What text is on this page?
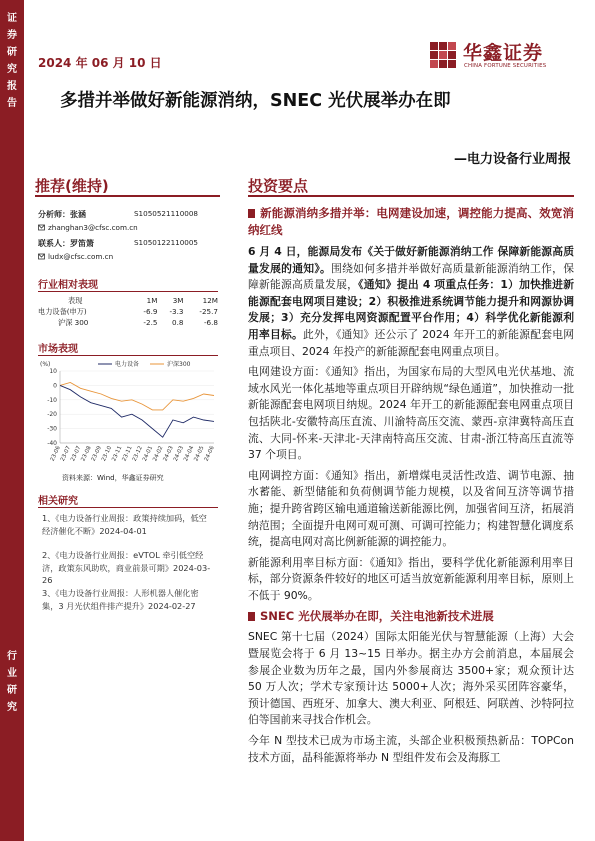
证
券
研
究
报
告
行
业
研
究
2024 年 06 月 10 日	华鑫证券
CHINA FORTUNE SECURITIES
多措并举做好新能源消纳，SNEC 光伏展举办在即
—电力设备行业周报
推荐(维持)	投资要点
分析师：张涵	S1050521110008
zhanghan3@cfsc.com.cn
联系人：罗笛箫	S1050122110005
ludx@cfsc.com.cn
行业相对表现
表现	1M	3M	12M
电力设备(申万)	-6.9	-3.3	-25.7
沪深 300	-2.5	0.8	-6.8
市场表现
相关研究
(%)
10
0
-10
-20
-30
-40
23-06
23-07
23-07
23-08
23-09
23-10
23-11
23-11
23-12
24-01
24-02
24-03
24-03
24-04
24-05
24-06
电力设备	沪深300
资料来源：Wind，华鑫证券研究
1、《电力设备行业周报：政策持续加码，低空经济催化不断》2024-04-01
2、《电力设备行业周报：eVTOL 牵引低空经济，政策东风助吹，商业前景可期》2024-03-26
3、《电力设备行业周报：人形机器人催化密集，3 月光伏组件排产提升》2024-02-27
新能源消纳多措并举：电网建设加速，调控能力提高、效宽消纳红线

6 月 4 日，能源局发布《关于做好新能源消纳工作 保障新能源高质量发展的通知》。围绕如何多措并举做好高质量新能源消纳工作，保障新能源高质量发展，《通知》提出 4 项重点任务：1）加快推进新能源配套电网项目建设；2）积极推进系统调节能力提升和网源协调发展；3）充分发挥电网资源配置平台作用；4）科学优化新能源利用率目标。此外，《通知》还公示了 2024 年开工的新能源配套电网重点项目、2024 年投产的新能源配套电网重点项目。

电网建设方面：《通知》指出，为国家布局的大型风电光伏基地、流域水风光一体化基地等重点项目开辟纳规“绿色通道”，加快推动一批新能源配套电网项目纳规。2024 年开工的新能源配套电网重点项目包括陕北-安徽特高压直流、川渝特高压交流、蒙西-京津冀特高压直流、大同-怀来-天津北-天津南特高压交流、甘肃-浙江特高压直流等 37 个项目。

电网调控方面：《通知》指出，新增煤电灵活性改造、调节电源、抽水蓄能、新型储能和负荷侧调节能力规模，以及省间互济等调节措施；提升跨省跨区输电通道输送新能源比例，加强省间互济，拓展消纳范围；全面提升电网可观可测、可调可控能力；构建智慧化调度系统，提高电网对高比例新能源的调控能力。

新能源利用率目标方面：《通知》指出，要科学优化新能源利用率目标，部分资源条件较好的地区可适当放宽新能源利用率目标，原则上不低于 90%。

SNEC 光伏展举办在即，关注电池新技术进展

SNEC 第十七届（2024）国际太阳能光伏与智慧能源（上海）大会暨展览会将于 6 月 13~15 日举办。据主办方会前消息，本届展会参展企业数为历年之最，国内外参展商达 3500+家；观众预计达 50 万人次；学术专家预计达 5000+人次；海外采买团阵容豪华，预计德国、西班牙、加拿大、澳大利亚、阿根廷、阿联酋、沙特阿拉伯等国前来寻找合作机会。

今年 N 型技术已成为市场主流，头部企业积极预热新品：TOPCon 技术方面，晶科能源将举办 N 型组件发布会及海豚工
